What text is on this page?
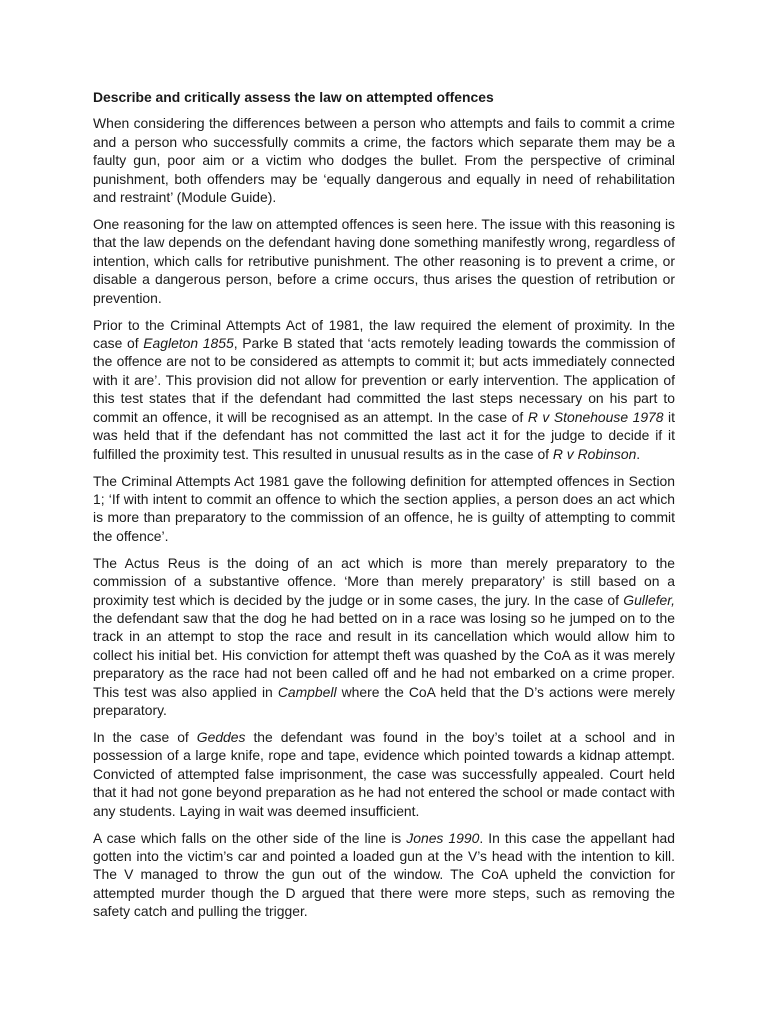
Describe and critically assess the law on attempted offences

When considering the differences between a person who attempts and fails to commit a crime and a person who successfully commits a crime, the factors which separate them may be a faulty gun, poor aim or a victim who dodges the bullet. From the perspective of criminal punishment, both offenders may be ‘equally dangerous and equally in need of rehabilitation and restraint’ (Module Guide).

One reasoning for the law on attempted offences is seen here. The issue with this reasoning is that the law depends on the defendant having done something manifestly wrong, regardless of intention, which calls for retributive punishment. The other reasoning is to prevent a crime, or disable a dangerous person, before a crime occurs, thus arises the question of retribution or prevention.

Prior to the Criminal Attempts Act of 1981, the law required the element of proximity. In the case of Eagleton 1855, Parke B stated that ‘acts remotely leading towards the commission of the offence are not to be considered as attempts to commit it; but acts immediately connected with it are’. This provision did not allow for prevention or early intervention. The application of this test states that if the defendant had committed the last steps necessary on his part to commit an offence, it will be recognised as an attempt. In the case of R v Stonehouse 1978 it was held that if the defendant has not committed the last act it for the judge to decide if it fulfilled the proximity test. This resulted in unusual results as in the case of R v Robinson.

The Criminal Attempts Act 1981 gave the following definition for attempted offences in Section 1; ‘If with intent to commit an offence to which the section applies, a person does an act which is more than preparatory to the commission of an offence, he is guilty of attempting to commit the offence’.

The Actus Reus is the doing of an act which is more than merely preparatory to the commission of a substantive offence. ‘More than merely preparatory’ is still based on a proximity test which is decided by the judge or in some cases, the jury. In the case of Gullefer, the defendant saw that the dog he had betted on in a race was losing so he jumped on to the track in an attempt to stop the race and result in its cancellation which would allow him to collect his initial bet. His conviction for attempt theft was quashed by the CoA as it was merely preparatory as the race had not been called off and he had not embarked on a crime proper. This test was also applied in Campbell where the CoA held that the D’s actions were merely preparatory.

In the case of Geddes the defendant was found in the boy’s toilet at a school and in possession of a large knife, rope and tape, evidence which pointed towards a kidnap attempt. Convicted of attempted false imprisonment, the case was successfully appealed. Court held that it had not gone beyond preparation as he had not entered the school or made contact with any students. Laying in wait was deemed insufficient.

A case which falls on the other side of the line is Jones 1990. In this case the appellant had gotten into the victim’s car and pointed a loaded gun at the V’s head with the intention to kill. The V managed to throw the gun out of the window. The CoA upheld the conviction for attempted murder though the D argued that there were more steps, such as removing the safety catch and pulling the trigger.
